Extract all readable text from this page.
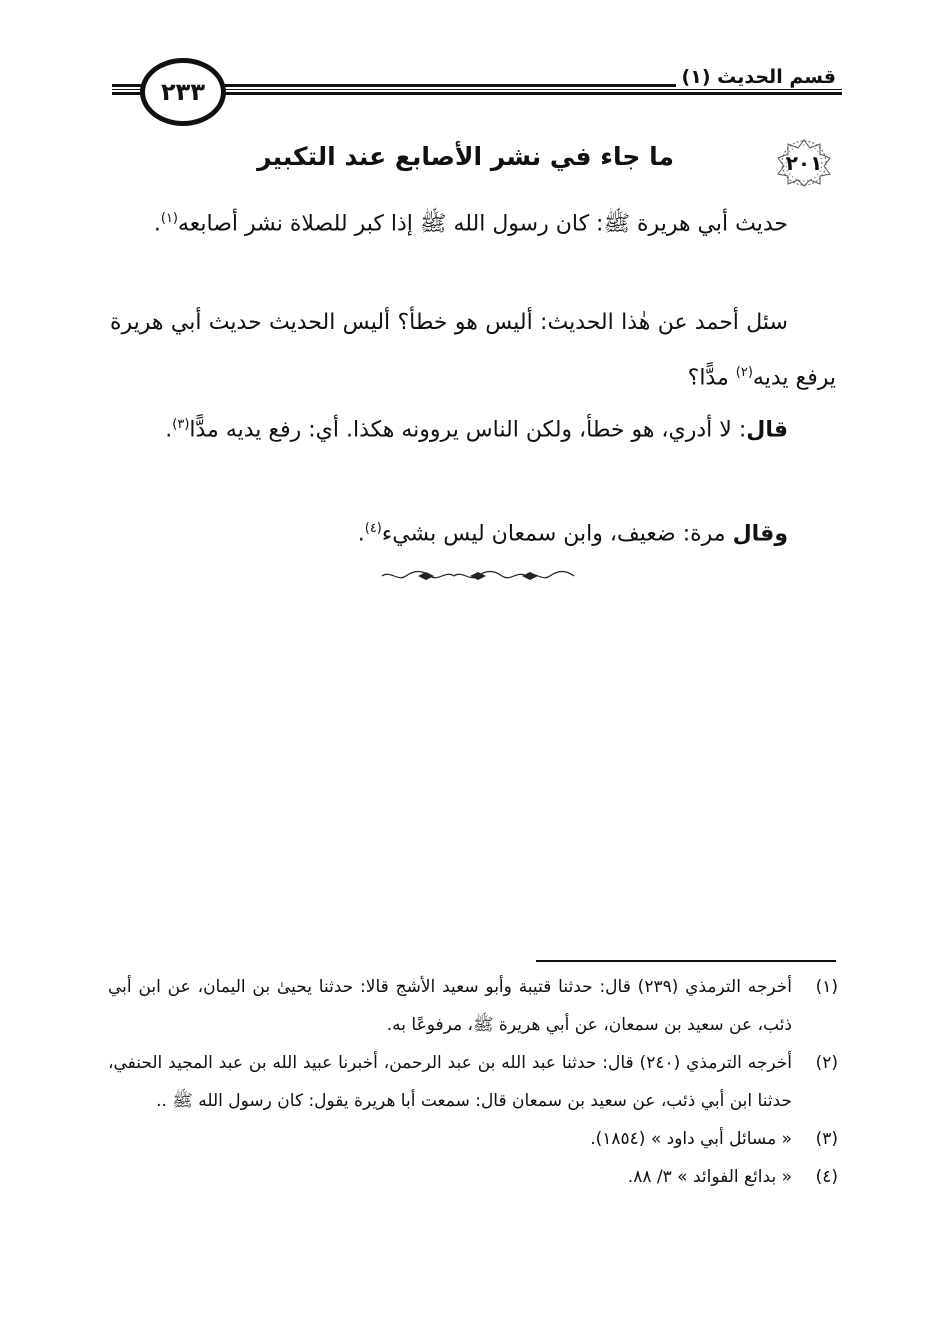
٢٣٣
قسم الحديث (١)
٢٠١
ما جاء في نشر الأصابع عند التكبير

حديث أبي هريرة ﷺ: كان رسول الله ﷺ إذا كبر للصلاة نشر أصابعه$^{(١)}$.

سئل أحمد عن هٰذا الحديث: أليس هو خطأ؟ أليس الحديث حديث أبي هريرة يرفع يديه$^{(٢)}$ مدًّا؟

قال: لا أدري، هو خطأ، ولكن الناس يروونه هكذا. أي: رفع يديه مدًّا$^{(٣)}$.

وقال مرة: ضعيف، وابن سمعان ليس بشيء$^{(٤)}$.

(١)
أخرجه الترمذي (٢٣٩) قال: حدثنا قتيبة وأبو سعيد الأشج قالا: حدثنا يحيىٰ بن اليمان، عن ابن أبي ذئب، عن سعيد بن سمعان، عن أبي هريرة ﷺ، مرفوعًا به.
(٢)
أخرجه الترمذي (٢٤٠) قال: حدثنا عبد الله بن عبد الرحمن، أخبرنا عبيد الله بن عبد المجيد الحنفي، حدثنا ابن أبي ذئب، عن سعيد بن سمعان قال: سمعت أبا هريرة يقول: كان رسول الله ﷺ ..
(٣)
« مسائل أبي داود » (١٨٥٤).
(٤)
« بدائع الفوائد » ٣/ ٨٨.
